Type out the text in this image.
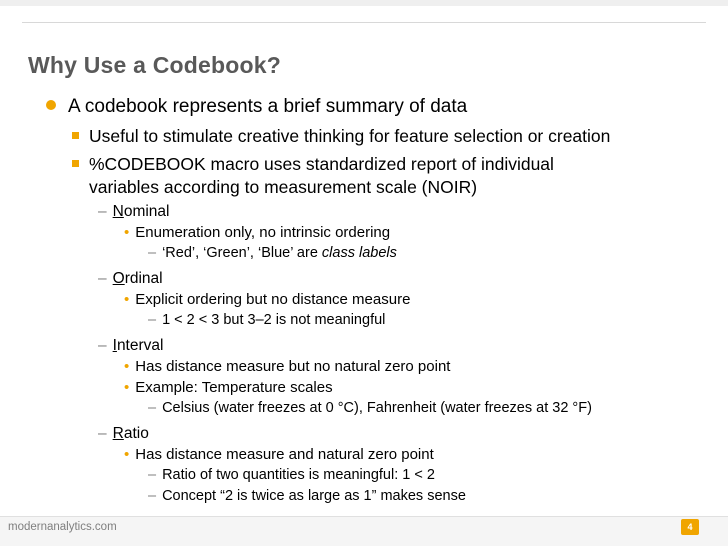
Why Use a Codebook?
A codebook represents a brief summary of data
Useful to stimulate creative thinking for feature selection or creation
%CODEBOOK macro uses standardized report of individual
variables according to measurement scale (NOIR)
– Nominal
• Enumeration only, no intrinsic ordering
– ‘Red’, ‘Green’, ‘Blue’ are class labels
– Ordinal
• Explicit ordering but no distance measure
– 1 < 2 < 3 but 3–2 is not meaningful
– Interval
• Has distance measure but no natural zero point
• Example: Temperature scales
– Celsius (water freezes at 0 °C), Fahrenheit (water freezes at 32 °F)
– Ratio
• Has distance measure and natural zero point
– Ratio of two quantities is meaningful: 1 < 2
– Concept “2 is twice as large as 1” makes sense
modernanalytics.com	4
